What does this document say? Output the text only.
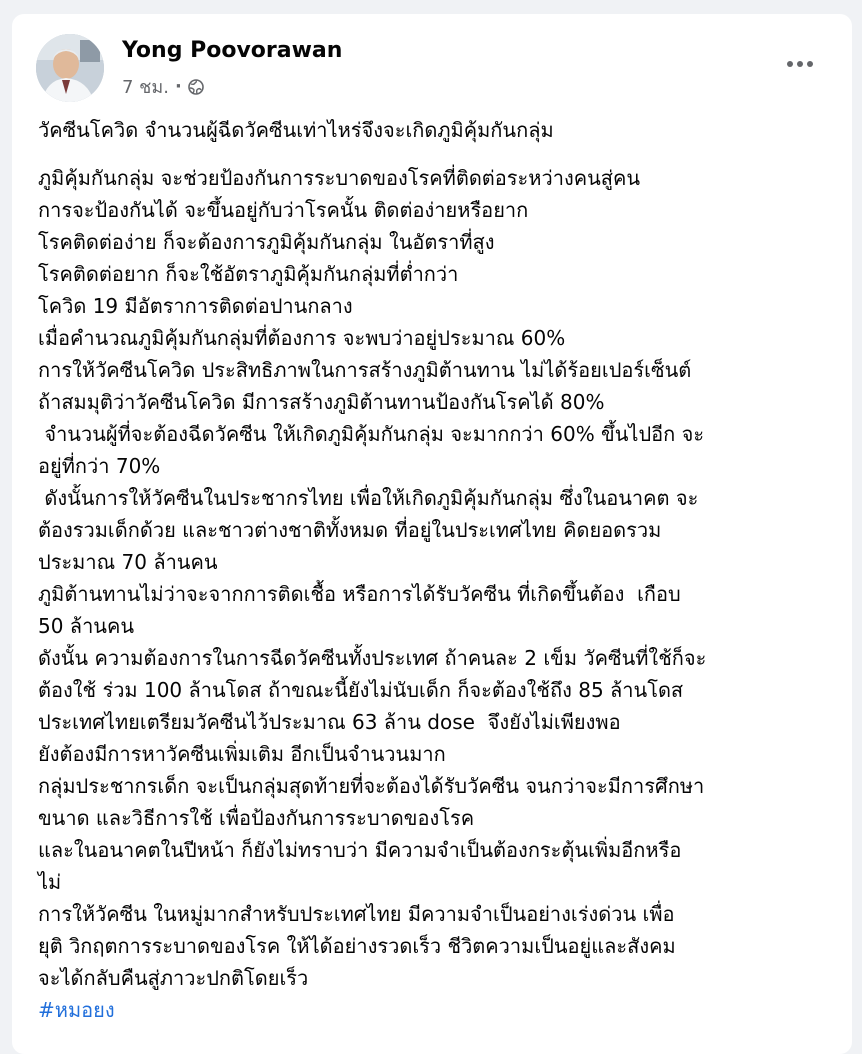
Yong Poovorawan
7 ชม. ·

วัคซีนโควิด จำนวนผู้ฉีดวัคซีนเท่าไหร่จึงจะเกิดภูมิคุ้มกันกลุ่ม

ภูมิคุ้มกันกลุ่ม จะช่วยป้องกันการระบาดของโรคที่ติดต่อระหว่างคนสู่คน

การจะป้องกันได้ จะขึ้นอยู่กับว่าโรคนั้น ติดต่อง่ายหรือยาก

โรคติดต่อง่าย ก็จะต้องการภูมิคุ้มกันกลุ่ม ในอัตราที่สูง

โรคติดต่อยาก ก็จะใช้อัตราภูมิคุ้มกันกลุ่มที่ต่ำกว่า

โควิด 19 มีอัตราการติดต่อปานกลาง

เมื่อคำนวณภูมิคุ้มกันกลุ่มที่ต้องการ จะพบว่าอยู่ประมาณ 60%

การให้วัคซีนโควิด ประสิทธิภาพในการสร้างภูมิต้านทาน ไม่ได้ร้อยเปอร์เซ็นต์

ถ้าสมมุติว่าวัคซีนโควิด มีการสร้างภูมิต้านทานป้องกันโรคได้ 80%

จำนวนผู้ที่จะต้องฉีดวัคซีน ให้เกิดภูมิคุ้มกันกลุ่ม จะมากกว่า 60% ขึ้นไปอีก จะ

อยู่ที่กว่า 70%

ดังนั้นการให้วัคซีนในประชากรไทย เพื่อให้เกิดภูมิคุ้มกันกลุ่ม ซึ่งในอนาคต จะ

ต้องรวมเด็กด้วย และชาวต่างชาติทั้งหมด ที่อยู่ในประเทศไทย คิดยอดรวม

ประมาณ 70 ล้านคน

ภูมิต้านทานไม่ว่าจะจากการติดเชื้อ หรือการได้รับวัคซีน ที่เกิดขึ้นต้อง  เกือบ

50 ล้านคน

ดังนั้น ความต้องการในการฉีดวัคซีนทั้งประเทศ ถ้าคนละ 2 เข็ม วัคซีนที่ใช้ก็จะ

ต้องใช้ ร่วม 100 ล้านโดส ถ้าขณะนี้ยังไม่นับเด็ก ก็จะต้องใช้ถึง 85 ล้านโดส

ประเทศไทยเตรียมวัคซีนไว้ประมาณ 63 ล้าน dose  จึงยังไม่เพียงพอ

ยังต้องมีการหาวัคซีนเพิ่มเติม อีกเป็นจำนวนมาก

กลุ่มประชากรเด็ก จะเป็นกลุ่มสุดท้ายที่จะต้องได้รับวัคซีน จนกว่าจะมีการศึกษา

ขนาด และวิธีการใช้ เพื่อป้องกันการระบาดของโรค

และในอนาคตในปีหน้า ก็ยังไม่ทราบว่า มีความจำเป็นต้องกระตุ้นเพิ่มอีกหรือ

ไม่

การให้วัคซีน ในหมู่มากสำหรับประเทศไทย มีความจำเป็นอย่างเร่งด่วน เพื่อ

ยุติ วิกฤตการระบาดของโรค ให้ได้อย่างรวดเร็ว ชีวิตความเป็นอยู่และสังคม

จะได้กลับคืนสู่ภาวะปกติโดยเร็ว

#หมอยง
